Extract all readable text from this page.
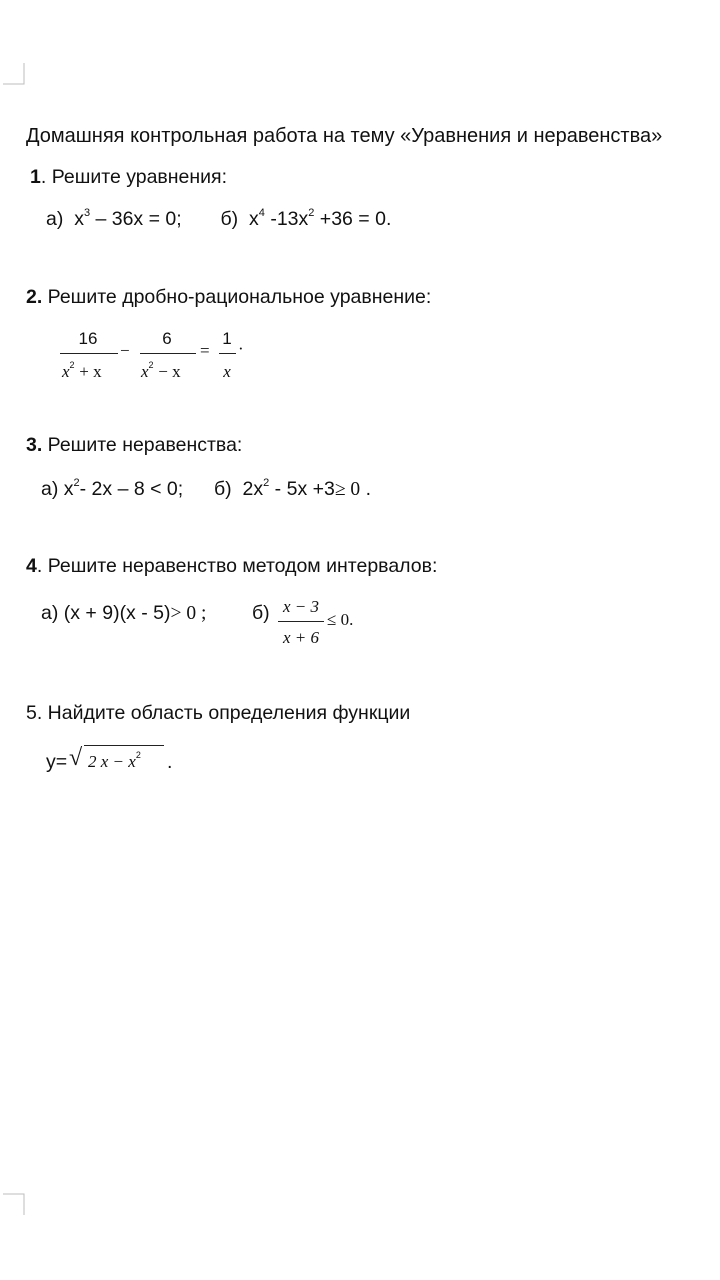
Домашняя контрольная работа на тему «Уравнения и неравенства»
1. Решите уравнения:
а) $x^3 - 36x = 0$; б) $x^4$ $-13x^2 +36 = 0$.
2. Решите дробно-рациональное уравнение:
16
$x^2 + x$
−
6
$x^2 - x$
=
1
x
·
3. Решите неравенства:
а) $x^2-$ 2x – 8 < 0; б) $2x^2 - 5x +3\ge 0$ .
4. Решите неравенство методом интервалов:
а) (x + 9)(x - 5)> 0 ; б) x − 3
x + 6
≤ 0.
5. Найдите область определения функции
y= √ 2 $x - x^2$ .
